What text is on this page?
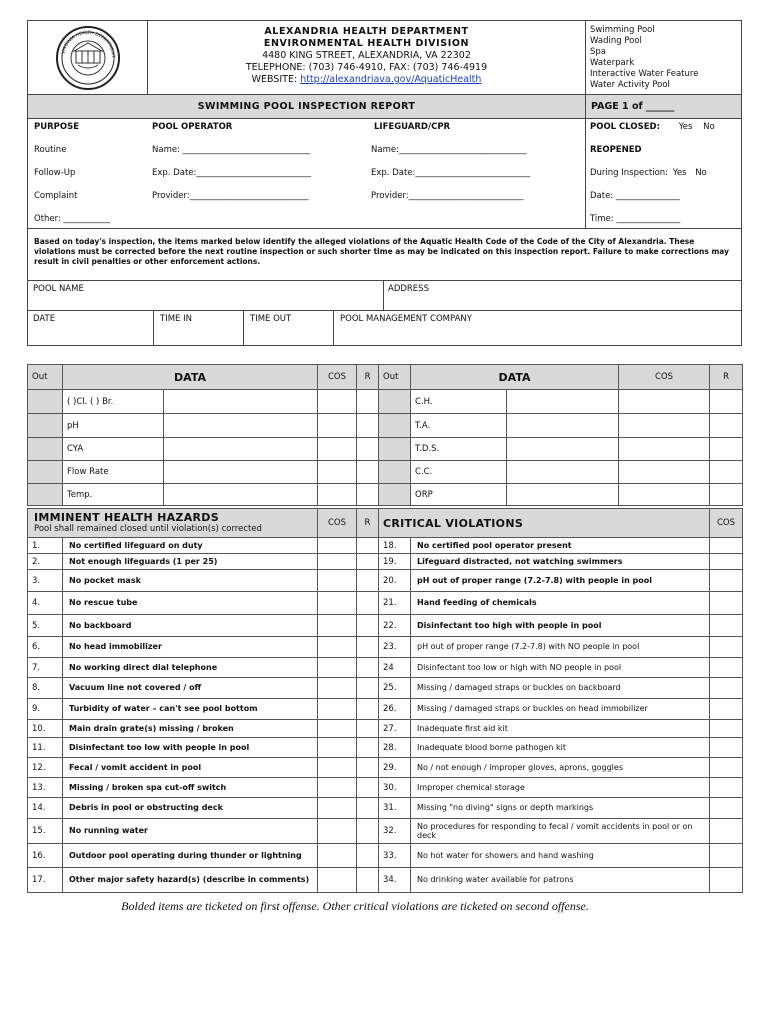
VIRGINIA HEALTH DEPARTMENT
ALEXANDRIA HEALTH DEPARTMENT
ENVIRONMENTAL HEALTH DIVISION
4480 KING STREET, ALEXANDRIA, VA 22302
TELEPHONE: (703) 746-4910, FAX: (703) 746-4919
WEBSITE: http://alexandriava.gov/AquaticHealth
Swimming Pool
Wading Pool
Spa
Waterpark
Interactive Water Feature
Water Activity Pool
SWIMMING POOL INSPECTION REPORT	PAGE 1 of ______
PURPOSE
Routine
Follow-Up
Complaint
Other: ___________
POOL OPERATOR
Name: ______________________________
Exp. Date:___________________________
Provider:____________________________
LIFEGUARD/CPR
Name:______________________________
Exp. Date:___________________________
Provider:___________________________
POOL CLOSED: Yes No
REOPENED
During Inspection: Yes No
Date: _______________
Time: _______________
Based on today's inspection, the items marked below identify the alleged violations of the Aquatic Health Code of the Code of the City of Alexandria. These violations must be corrected before the next routine inspection or such shorter time as may be indicated on this inspection report. Failure to make corrections may result in civil penalties or other enforcement actions.
POOL NAME	ADDRESS
DATE	TIME IN	TIME OUT	POOL MANAGEMENT COMPANY
Out	DATA		COS	R	Out	DATA		COS	R
	( )Cl. ( ) Br.					C.H.			
	pH					T.A.			
	CYA					T.D.S.			
	Flow Rate					C.C.			
	Temp.					ORP			
IMMINENT HEALTH HAZARDS
Pool shall remained closed until violation(s) corrected		COS	R	CRITICAL VIOLATIONS		COS
1.	No certified lifeguard on duty			18.	No certified pool operator present	
2.	Not enough lifeguards (1 per 25)			19.	Lifeguard distracted, not watching swimmers	
3.	No pocket mask			20.	pH out of proper range (7.2-7.8) with people in pool	
4.	No rescue tube			21.	Hand feeding of chemicals	
5.	No backboard			22.	Disinfectant too high with people in pool	
6.	No head immobilizer			23.	pH out of proper range (7.2-7.8) with NO people in pool	
7.	No working direct dial telephone			24	Disinfectant too low or high with NO people in pool	
8.	Vacuum line not covered / off			25.	Missing / damaged straps or buckles on backboard	
9.	Turbidity of water – can't see pool bottom			26.	Missing / damaged straps or buckles on head immobilizer	
10.	Main drain grate(s) missing / broken			27.	Inadequate first aid kit	
11.	Disinfectant too low with people in pool			28.	Inadequate blood borne pathogen kit	
12.	Fecal / vomit accident in pool			29.	No / not enough / improper gloves, aprons, goggles	
13.	Missing / broken spa cut-off switch			30.	Improper chemical storage	
14.	Debris in pool or obstructing deck			31.	Missing "no diving" signs or depth markings	
15.	No running water			32.	No procedures for responding to fecal / vomit accidents in pool or on deck	
16.	Outdoor pool operating during thunder or lightning			33.	No hot water for showers and hand washing	
17.	Other major safety hazard(s) (describe in comments)			34.	No drinking water available for patrons	
Bolded items are ticketed on first offense. Other critical violations are ticketed on second offense.
